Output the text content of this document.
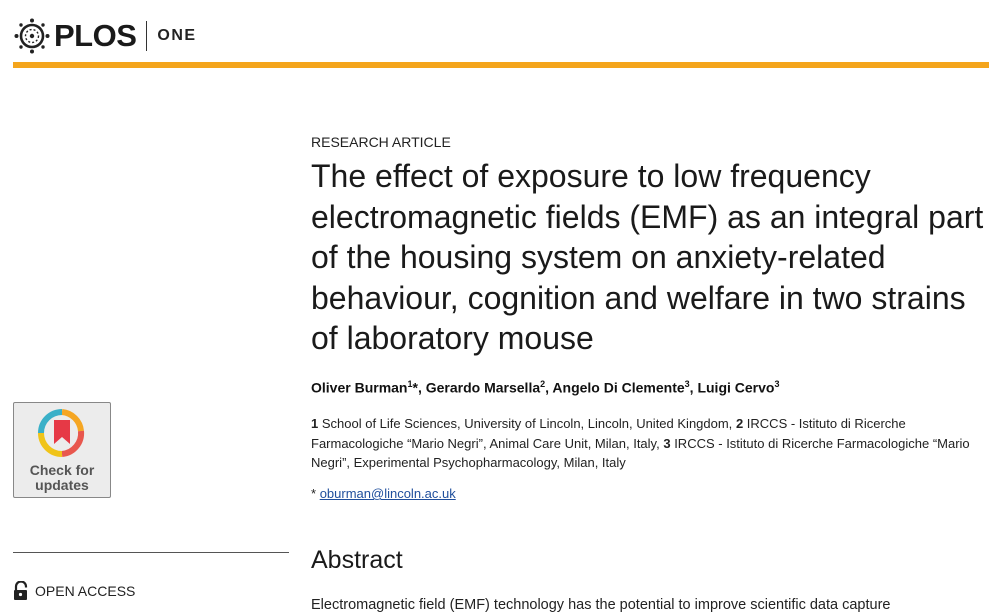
PLOS ONE
Check for
updates
OPEN ACCESS
RESEARCH ARTICLE
The effect of exposure to low frequency electromagnetic fields (EMF) as an integral part of the housing system on anxiety-related behaviour, cognition and welfare in two strains of laboratory mouse
Oliver Burman$^1$*, Gerardo Marsella$^2$, Angelo Di Clemente$^3$, Luigi Cervo$^3$
1 School of Life Sciences, University of Lincoln, Lincoln, United Kingdom, 2 IRCCS - Istituto di Ricerche Farmacologiche “Mario Negri”, Animal Care Unit, Milan, Italy, 3 IRCCS - Istituto di Ricerche Farmacologiche “Mario Negri”, Experimental Psychopharmacology, Milan, Italy
* oburman@lincoln.ac.uk
Abstract
Electromagnetic field (EMF) technology has the potential to improve scientific data capture
